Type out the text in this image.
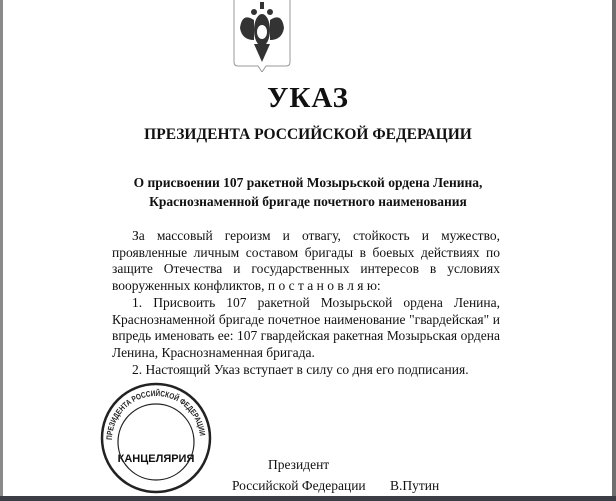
УКАЗ
ПРЕЗИДЕНТА РОССИЙСКОЙ ФЕДЕРАЦИИ
О присвоении 107 ракетной Мозырьской ордена Ленина,
Краснознаменной бригаде почетного наименования

За массовый героизм и отвагу, стойкость и мужество, проявленные личным составом бригады в боевых действиях по защите Отечества и государственных интересов в условиях вооруженных конфликтов, п о с т а н о в л я ю:

1. Присвоить 107 ракетной Мозырьской ордена Ленина, Краснознаменной бригаде почетное наименование "гвардейская" и впредь именовать ее: 107 гвардейская ракетная Мозырьская ордена Ленина, Краснознаменная бригада.

2. Настоящий Указ вступает в силу со дня его подписания.

Президент
Российской Федерации В.Путин
ПРЕЗИДЕНТА РОССИЙСКОЙ ФЕДЕРАЦИИ
КАНЦЕЛЯРИЯ
